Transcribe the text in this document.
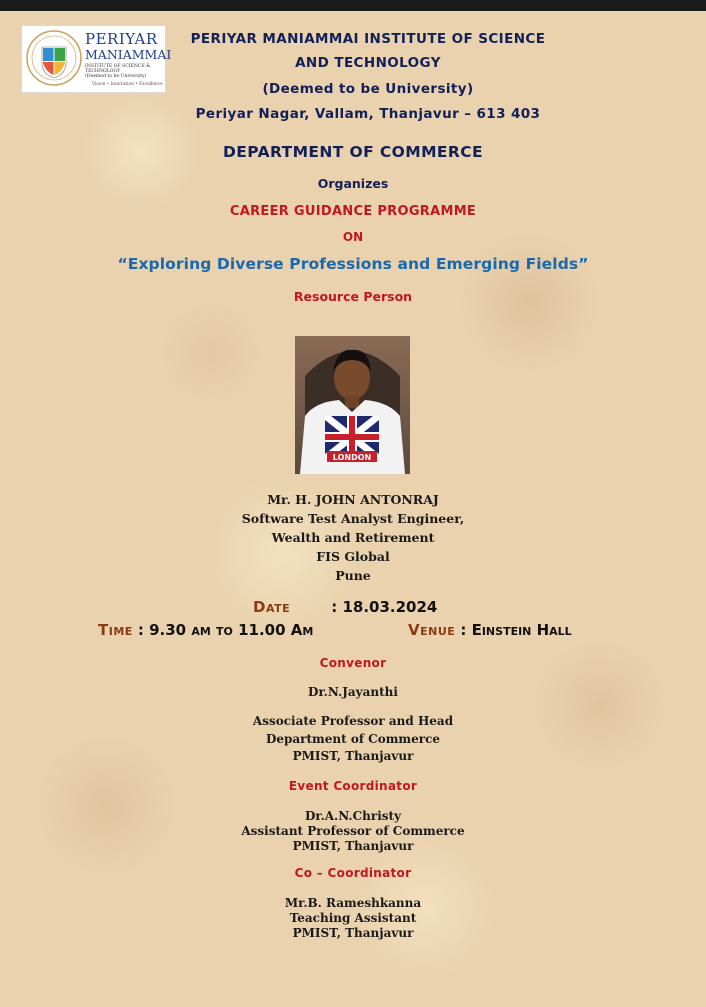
PERIYAR
MANIAMMAI
INSTITUTE OF SCIENCE & TECHNOLOGY
(Deemed to be University)
Vision • Innovation • Excellence
PERIYAR MANIAMMAI INSTITUTE OF SCIENCE
AND TECHNOLOGY
(Deemed to be University)
Periyar Nagar, Vallam, Thanjavur – 613 403
DEPARTMENT OF COMMERCE
Organizes
CAREER GUIDANCE PROGRAMME
ON
“Exploring Diverse Professions and Emerging Fields”
Resource Person
LONDON
Mr. H. JOHN ANTONRAJ
Software Test Analyst Engineer,
Wealth and Retirement
FIS Global
Pune
Date	: 18.03.2024
Time : 9.30 am to 11.00 Am	Venue : Einstein Hall
Convenor
Dr.N.Jayanthi
Associate Professor and Head
Department of Commerce
PMIST, Thanjavur
Event Coordinator
Dr.A.N.Christy
Assistant Professor of Commerce
PMIST, Thanjavur
Co – Coordinator
Mr.B. Rameshkanna
Teaching Assistant
PMIST, Thanjavur
